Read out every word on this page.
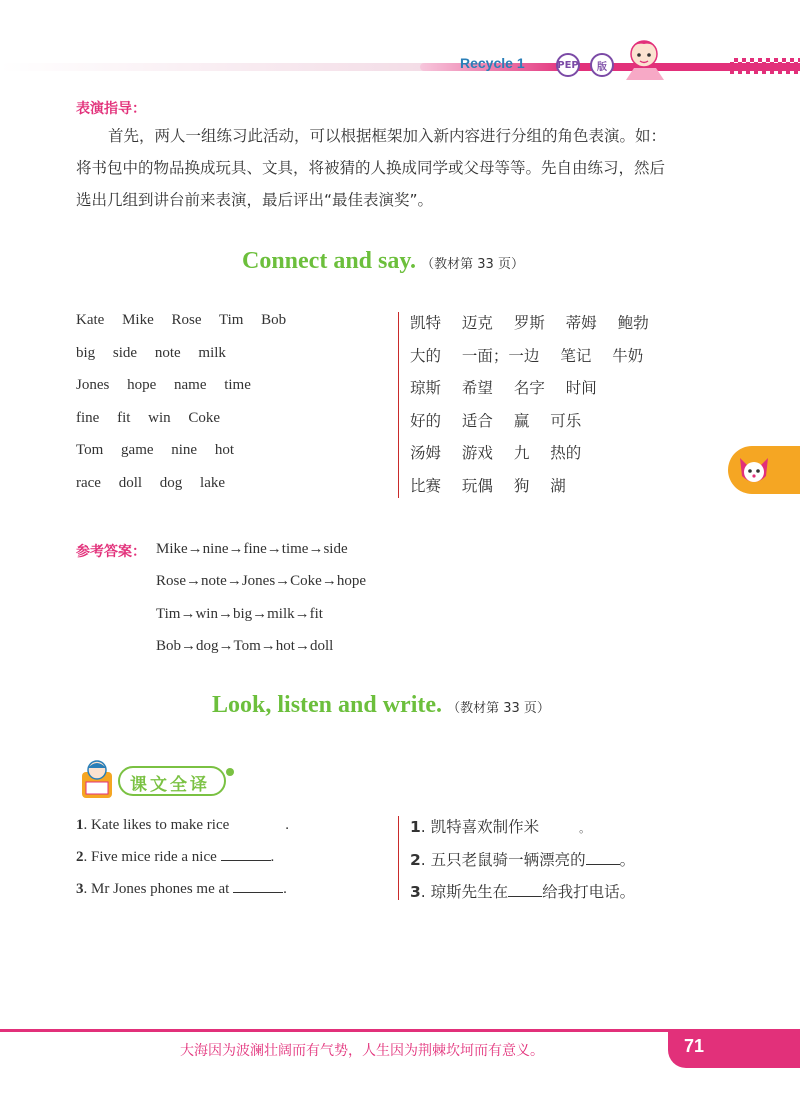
Recycle 1	PEP	版
表演指导：
首先，两人一组练习此活动，可以根据框架加入新内容进行分组的角色表演。如：
将书包中的物品换成玩具、文具，将被猜的人换成同学或父母等等。先自由练习，然后
选出几组到讲台前来表演，最后评出“最佳表演奖”。
Connect and say. （教材第 33 页）
Kate Mike Rose Tim Bob
big side note milk
Jones hope name time
fine fit win Coke
Tom game nine hot
race doll dog lake
凯特 迈克 罗斯 蒂姆 鲍勃
大的 一面；一边 笔记 牛奶
琼斯 希望 名字 时间
好的 适合 赢 可乐
汤姆 游戏 九 热的
比赛 玩偶 狗 湖
参考答案： Mike→nine→fine→time→side
Rose→note→Jones→Coke→hope
Tim→win→big→milk→fit
Bob→dog→Tom→hot→doll
Look, listen and write. （教材第 33 页）
课文全译
1. Kate likes to make rice	.
2. Five mice ride a nice	.
3. Mr Jones phones me at	.
1. 凯特喜欢制作米	。
2. 五只老鼠骑一辆漂亮的 。
3. 琼斯先生在 给我打电话。
大海因为波澜壮阔而有气势，人生因为荆棘坎坷而有意义。	71
